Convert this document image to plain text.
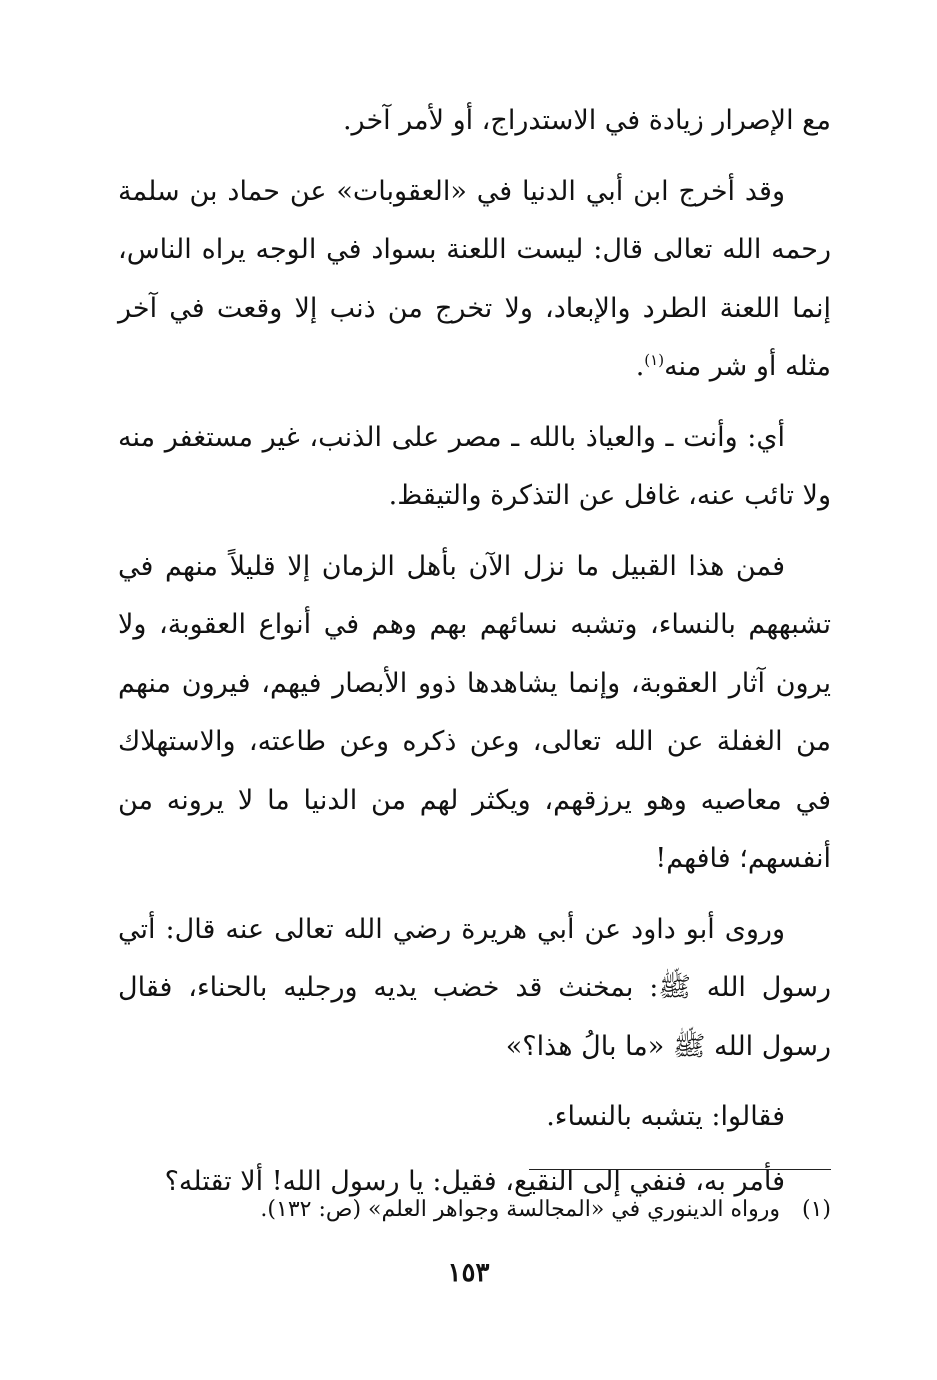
مع الإصرار زيادة في الاستدراج، أو لأمر آخر.

وقد أخرج ابن أبي الدنيا في «العقوبات» عن حماد بن سلمة رحمه الله تعالى قال: ليست اللعنة بسواد في الوجه يراه الناس، إنما اللعنة الطرد والإبعاد، ولا تخرج من ذنب إلا وقعت في آخر مثله أو شر منه$^{(١)}$.

أي: وأنت ـ والعياذ بالله ـ مصر على الذنب، غير مستغفر منه ولا تائب عنه، غافل عن التذكرة والتيقظ.

فمن هذا القبيل ما نزل الآن بأهل الزمان إلا قليلاً منهم في تشبههم بالنساء، وتشبه نسائهم بهم وهم في أنواع العقوبة، ولا يرون آثار العقوبة، وإنما يشاهدها ذوو الأبصار فيهم، فيرون منهم من الغفلة عن الله تعالى، وعن ذكره وعن طاعته، والاستهلاك في معاصيه وهو يرزقهم، ويكثر لهم من الدنيا ما لا يرونه من أنفسهم؛ فافهم!

وروى أبو داود عن أبي هريرة رضي الله تعالى عنه قال: أتي رسول الله ﷺ: بمخنث قد خضب يديه ورجليه بالحناء، فقال رسول الله ﷺ «ما بالُ هذا؟»

فقالوا: يتشبه بالنساء.

فأمر به، فنفي إلى النقيع، فقيل: يا رسول الله! ألا تقتله؟

(١)ورواه الدينوري في «المجالسة وجواهر العلم» (ص: ١٣٢).
١٥٣
